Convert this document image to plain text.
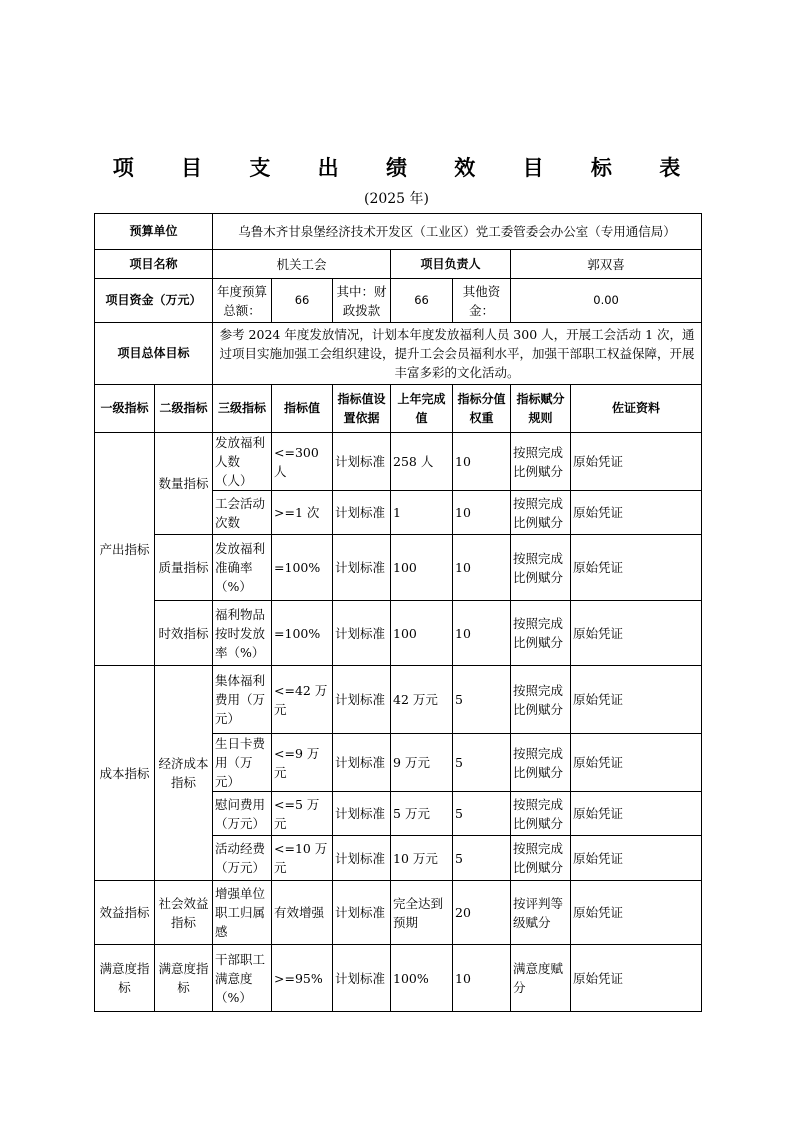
项 目 支 出 绩 效 目 标 表
(2025 年)
预算单位		乌鲁木齐甘泉堡经济技术开发区（工业区）党工委管委会办公室（专用通信局）						
项目名称		机关工会			项目负责人		郭双喜	
项目资金（万元）		年度预算总额：	66	其中：财政拨款	66	其他资金：	0.00	
项目总体目标		参考 2024 年度发放情况，计划本年度发放福利人员 300 人，开展工会活动 1 次，通过项目实施加强工会组织建设，提升工会会员福利水平，加强干部职工权益保障，开展丰富多彩的文化活动。						
一级指标	二级指标	三级指标	指标值	指标值设置依据	上年完成值	指标分值权重	指标赋分规则	佐证资料
产出指标	数量指标	发放福利人数（人）	<=300 人	计划标准	258 人	10	按照完成比例赋分	原始凭证
		工会活动次数	>=1 次	计划标准	1	10	按照完成比例赋分	原始凭证
	质量指标	发放福利准确率（%）	=100%	计划标准	100	10	按照完成比例赋分	原始凭证
	时效指标	福利物品按时发放率（%）	=100%	计划标准	100	10	按照完成比例赋分	原始凭证
成本指标	经济成本指标	集体福利费用（万元）	<=42 万元	计划标准	42 万元	5	按照完成比例赋分	原始凭证
		生日卡费用（万元）	<=9 万元	计划标准	9 万元	5	按照完成比例赋分	原始凭证
		慰问费用（万元）	<=5 万元	计划标准	5 万元	5	按照完成比例赋分	原始凭证
		活动经费（万元）	<=10 万元	计划标准	10 万元	5	按照完成比例赋分	原始凭证
效益指标	社会效益指标	增强单位职工归属感	有效增强	计划标准	完全达到预期	20	按评判等级赋分	原始凭证
满意度指标	满意度指标	干部职工满意度（%）	>=95%	计划标准	100%	10	满意度赋分	原始凭证
